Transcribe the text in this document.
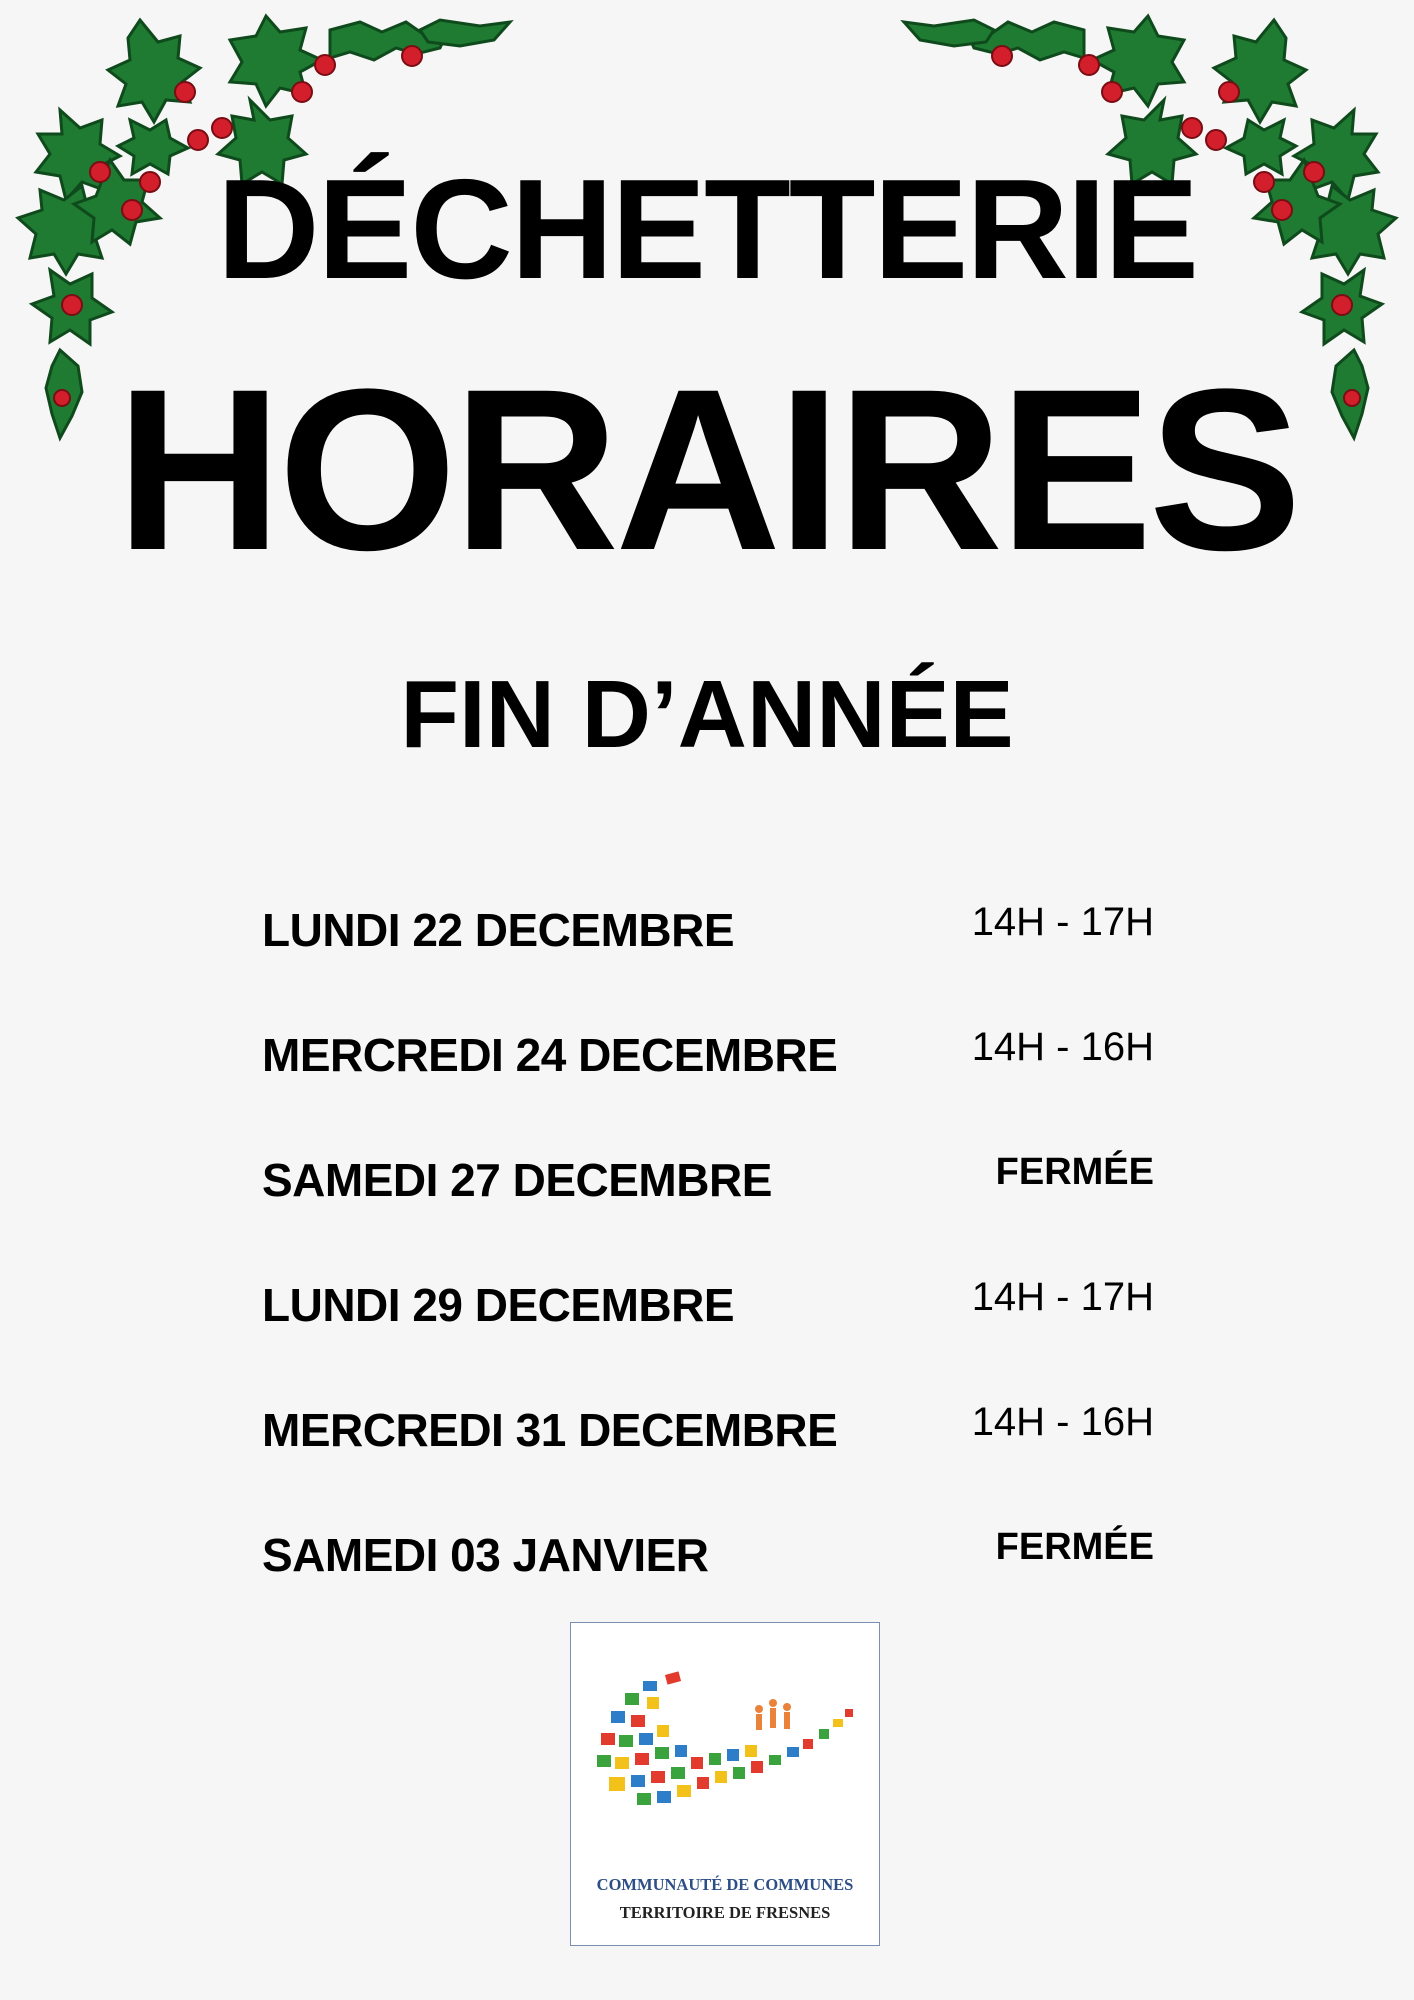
DÉCHETTERIE
HORAIRES
FIN D’ANNÉE
LUNDI 22 DECEMBRE	14H - 17H
MERCREDI 24 DECEMBRE	14H - 16H
SAMEDI 27 DECEMBRE	FERMÉE
LUNDI 29 DECEMBRE	14H - 17H
MERCREDI 31 DECEMBRE	14H - 16H
SAMEDI 03 JANVIER	FERMÉE
COMMUNAUTÉ DE COMMUNES
TERRITOIRE DE FRESNES
